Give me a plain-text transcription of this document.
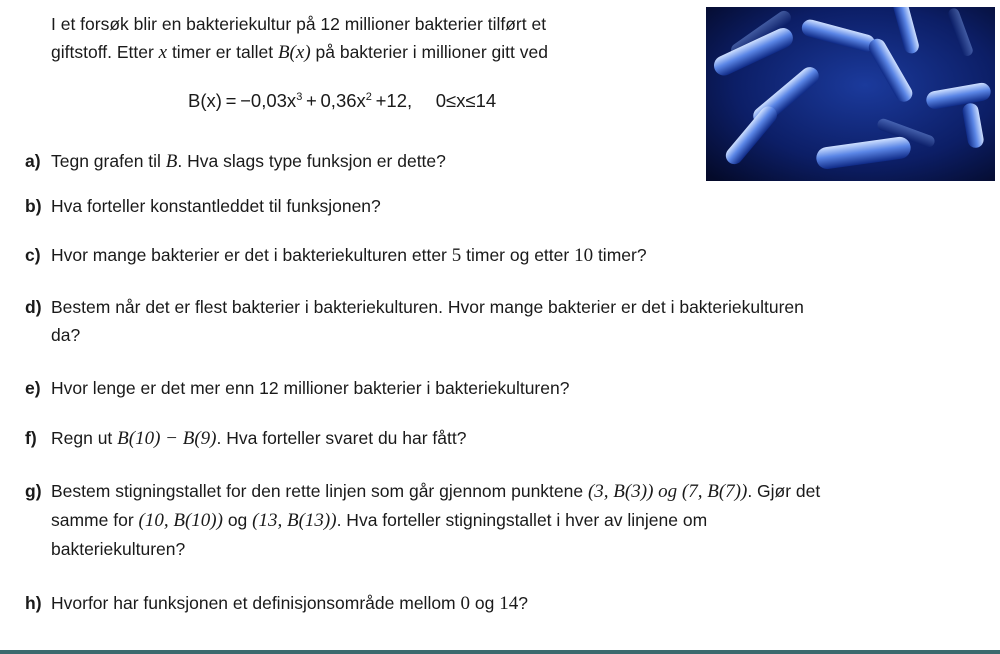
I et forsøk blir en bakteriekultur på 12 millioner bakterier tilført et
giftstoff. Etter x timer er tallet B(x) på bakterier i millioner gitt ved
$B(x) = -0,03x^3 + 0,36x^2 +12$,  0≤x≤14
a) Tegn grafen til B. Hva slags type funksjon er dette?
b) Hva forteller konstantleddet til funksjonen?
c) Hvor mange bakterier er det i bakteriekulturen etter 5 timer og etter 10 timer?
d) Bestem når det er flest bakterier i bakteriekulturen. Hvor mange bakterier er det i bakteriekulturen
da?
e) Hvor lenge er det mer enn 12 millioner bakterier i bakteriekulturen?
f) Regn ut B(10) − B(9). Hva forteller svaret du har fått?
g) Bestem stigningstallet for den rette linjen som går gjennom punktene (3, B(3)) og (7, B(7)). Gjør det
samme for (10, B(10)) og (13, B(13)). Hva forteller stigningstallet i hver av linjene om
bakteriekulturen?
h) Hvorfor har funksjonen et definisjonsområde mellom 0 og 14?
